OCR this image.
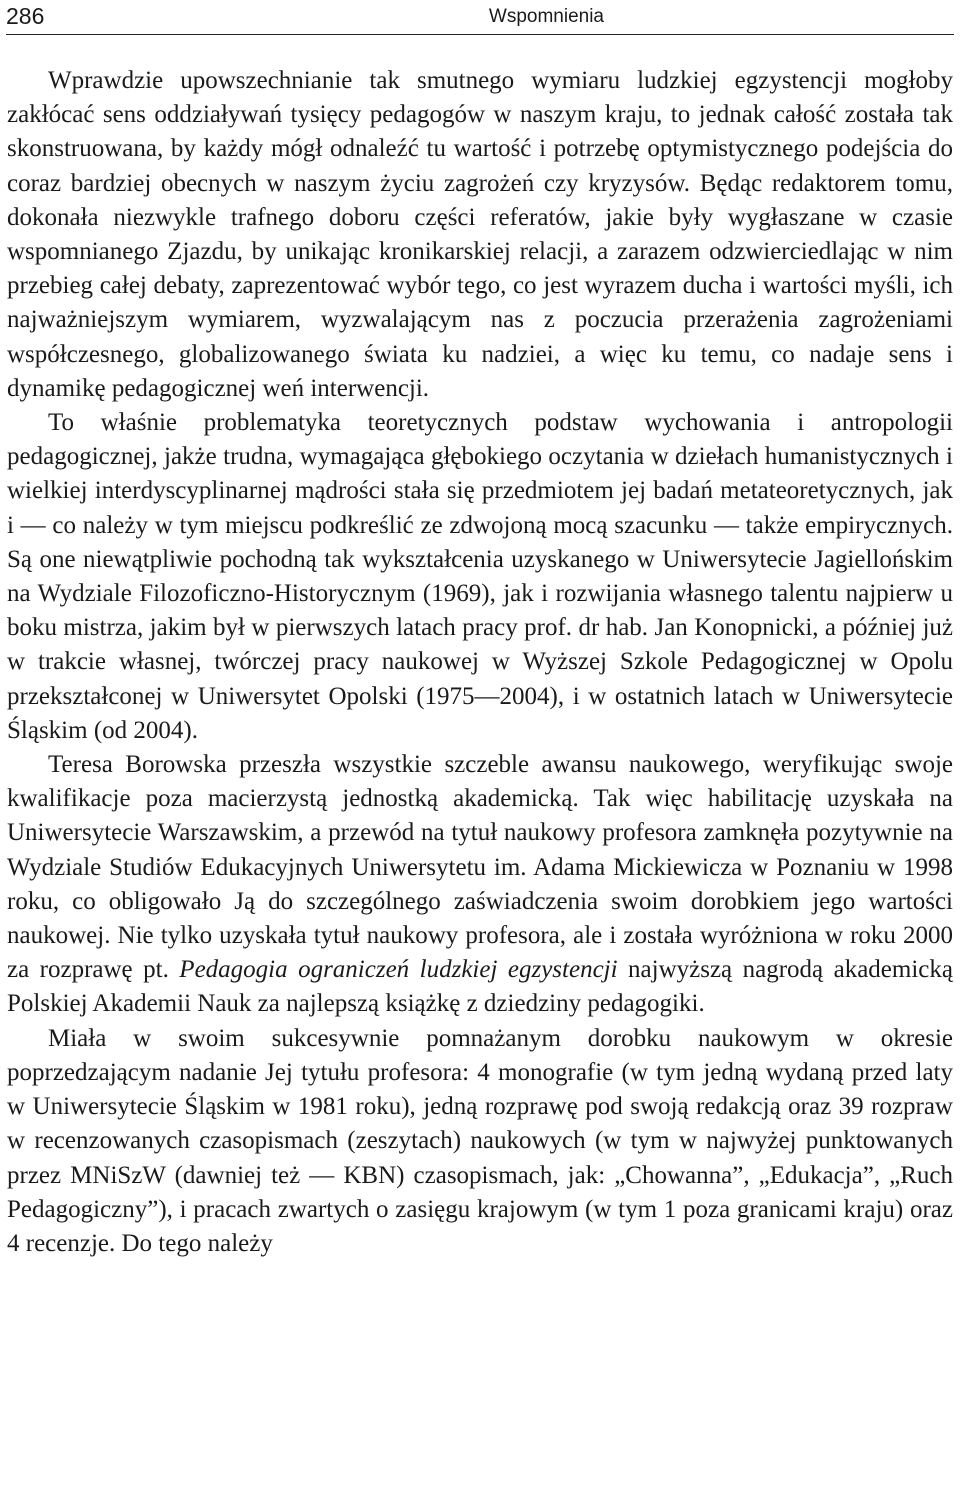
286	Wspomnienia

Wprawdzie upowszechnianie tak smutnego wymiaru ludzkiej egzystencji mogłoby zakłócać sens oddziaływań tysięcy pedagogów w naszym kraju, to jednak całość została tak skonstruowana, by każdy mógł odnaleźć tu wartość i potrzebę optymistycznego podejścia do coraz bardziej obecnych w naszym życiu zagrożeń czy kryzysów. Będąc redaktorem tomu, dokonała niezwykle trafnego doboru części referatów, jakie były wygłaszane w czasie wspomnianego Zjazdu, by unikając kronikarskiej relacji, a zarazem odzwierciedlając w nim przebieg całej debaty, zaprezentować wybór tego, co jest wyrazem ducha i wartości myśli, ich najważniejszym wymiarem, wyzwalającym nas z poczucia przerażenia zagrożeniami współczesnego, globalizowanego świata ku nadziei, a więc ku temu, co nadaje sens i dynamikę pedagogicznej weń interwencji.

To właśnie problematyka teoretycznych podstaw wychowania i antropologii pedagogicznej, jakże trudna, wymagająca głębokiego oczytania w dziełach humanistycznych i wielkiej interdyscyplinarnej mądrości stała się przedmiotem jej badań metateoretycznych, jak i — co należy w tym miejscu podkreślić ze zdwojoną mocą szacunku — także empirycznych. Są one niewątpliwie pochodną tak wykształcenia uzyskanego w Uniwersytecie Jagiellońskim na Wydziale Filozoficzno-Historycznym (1969), jak i rozwijania własnego talentu najpierw u boku mistrza, jakim był w pierwszych latach pracy prof. dr hab. Jan Konopnicki, a później już w trakcie własnej, twórczej pracy naukowej w Wyższej Szkole Pedagogicznej w Opolu przekształconej w Uniwersytet Opolski (1975—2004), i w ostatnich latach w Uniwersytecie Śląskim (od 2004).

Teresa Borowska przeszła wszystkie szczeble awansu naukowego, weryfikując swoje kwalifikacje poza macierzystą jednostką akademicką. Tak więc habilitację uzyskała na Uniwersytecie Warszawskim, a przewód na tytuł naukowy profesora zamknęła pozytywnie na Wydziale Studiów Edukacyjnych Uniwersytetu im. Adama Mickiewicza w Poznaniu w 1998 roku, co obligowało Ją do szczególnego zaświadczenia swoim dorobkiem jego wartości naukowej. Nie tylko uzyskała tytuł naukowy profesora, ale i została wyróżniona w roku 2000 za rozprawę pt. Pedagogia ograniczeń ludzkiej egzystencji najwyższą nagrodą akademicką Polskiej Akademii Nauk za najlepszą książkę z dziedziny pedagogiki.

Miała w swoim sukcesywnie pomnażanym dorobku naukowym w okresie poprzedzającym nadanie Jej tytułu profesora: 4 monografie (w tym jedną wydaną przed laty w Uniwersytecie Śląskim w 1981 roku), jedną rozprawę pod swoją redakcją oraz 39 rozpraw w recenzowanych czasopismach (zeszytach) naukowych (w tym w najwyżej punktowanych przez MNiSzW (dawniej też — KBN) czasopismach, jak: „Chowanna”, „Edukacja”, „Ruch Pedagogiczny”), i pracach zwartych o zasięgu krajowym (w tym 1 poza granicami kraju) oraz 4 recenzje. Do tego należy
